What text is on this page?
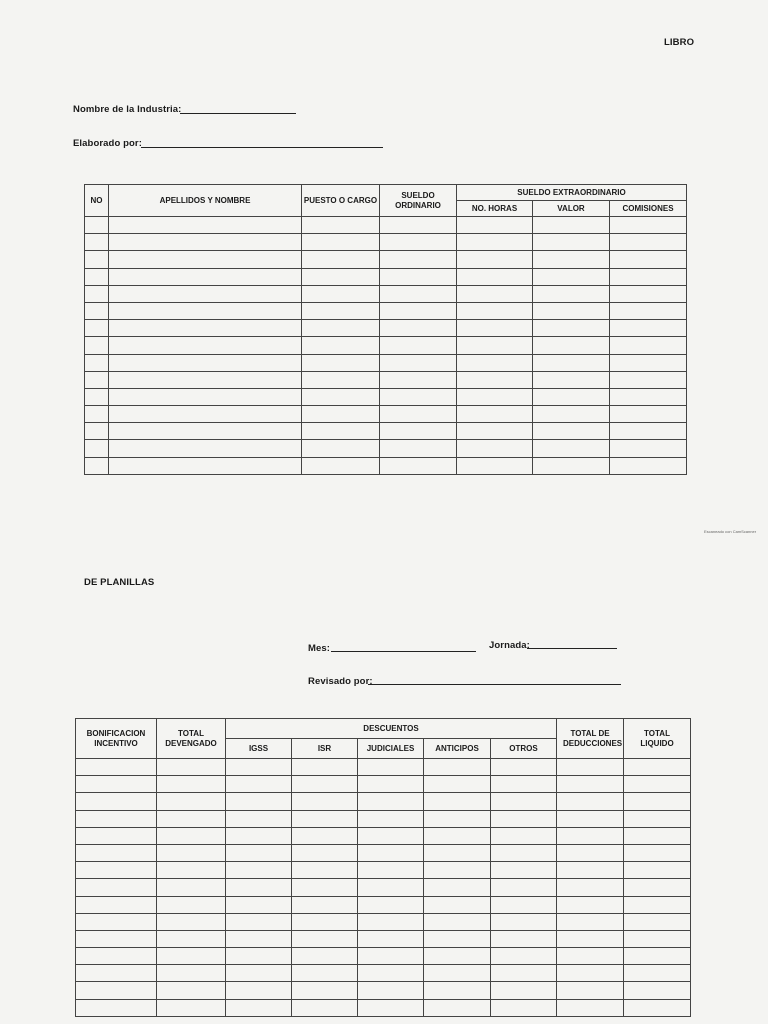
LIBRO
Nombre de la Industria:
Elaborado por:
NO	APELLIDOS Y NOMBRE	PUESTO O CARGO	SUELDO ORDINARIO	SUELDO EXTRAORDINARIO		
				NO. HORAS	VALOR	COMISIONES

Escaneado con CamScanner
DE PLANILLAS
Mes:	Jornada:
Revisado por:
BONIFICACION INCENTIVO	TOTAL DEVENGADO	DESCUENTOS					TOTAL DE DEDUCCIONES	TOTAL LIQUIDO
		IGSS	ISR	JUDICIALES	ANTICIPOS	OTROS		
